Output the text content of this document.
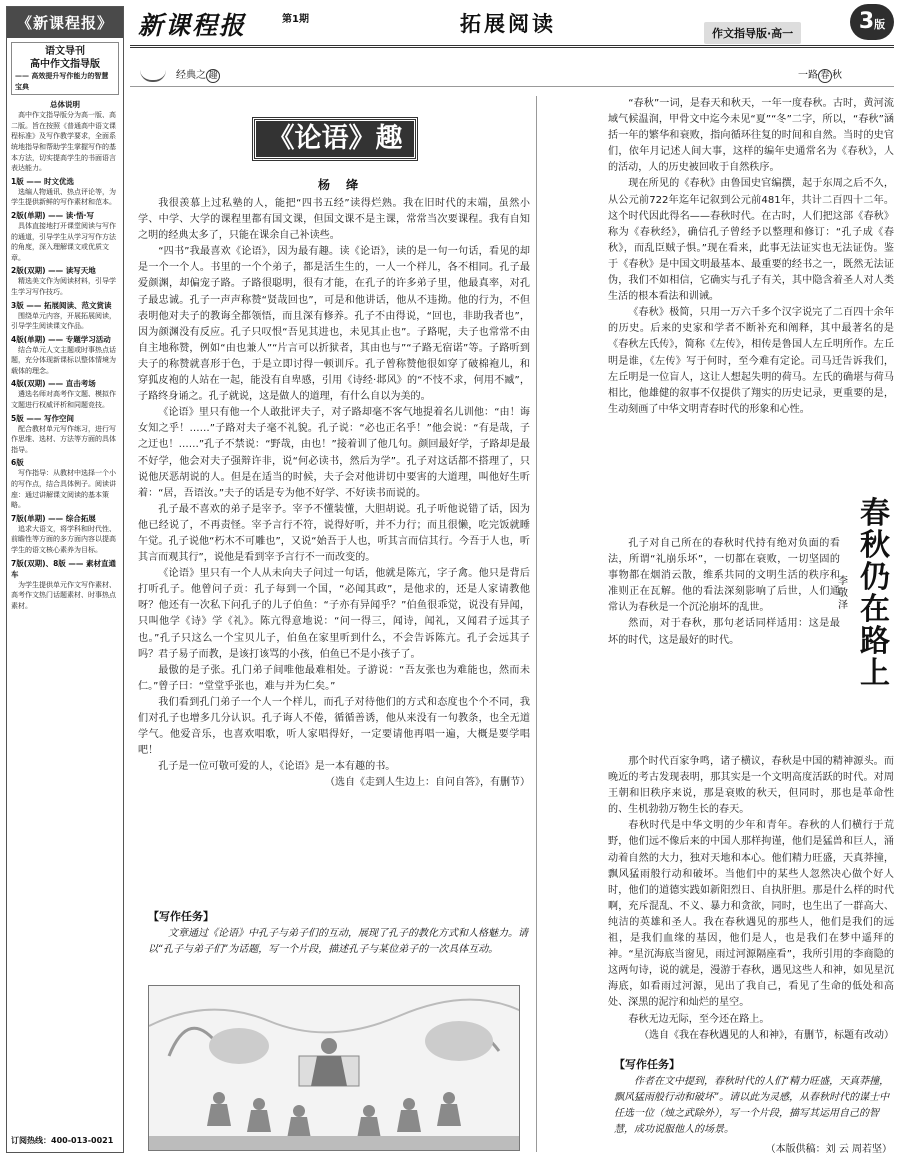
《新课程报》
语文导刊
高中作文指导版
—— 高效提升写作能力的智慧宝典
总体说明
高中作文指导版分为高一版、高二版。旨在按照《普通高中语文课程标准》及写作教学要求，全面系统地指导和帮助学生掌握写作的基本方法，切实提高学生的书面语言表达能力。
1版 —— 时文优选
选编人物通讯、热点评论等，为学生提供新鲜的写作素材和范本。
2版(单期) —— 读·悟·写
具体直接地打开课堂阅读与写作的通道，引导学生从学习写作方法的角度，深入理解课文或优质文章。
2版(双期) —— 读写天地
精选美文作为阅读材料，引导学生学习写作技巧。
3版 —— 拓展阅读、范文赏读
围绕单元内容，开展拓展阅读，引导学生阅读课文作品。
4版(单期) —— 专题学习活动
结合单元人文主题或时事热点话题，充分体现新课标以整体情境为载体的理念。
4版(双期) —— 直击考场
遴选名师对高考作文题、模拟作文题进行权威评析和同题竞技。
5版 —— 写作空间
配合教材单元写作练习，进行写作思维、选材、方法等方面的具体指导。
6版
写作指导：从教材中选择一个小的写作点，结合具体例子。阅读讲座：通过讲解课文阅读的基本策略。
7版(单期) —— 综合拓展
追求大语文，将学科和时代性、前瞻性等方面的多方面内容以提高学生的语文核心素养为目标。
7版(双期)、8版 —— 素材直通车
为学生提供单元作文写作素材、高考作文热门话题素材、时事热点素材。
订阅热线：400-013-0021
新课程报	第1期	拓展阅读	作文指导版·高一	3版
经典之 趣	一路 春 秋
《论语》趣
杨 绛

我很羡慕上过私塾的人，能把“四书五经”读得烂熟。我在旧时代的末端，虽然小学、中学、大学的课程里都有国文课，但国文课不是主课，常常当次要课程。我有自知之明的经典太多了，只能在课余自己补读些。

“四书”我最喜欢《论语》，因为最有趣。读《论语》，读的是一句一句话，看见的却是一个一个人。书里的一个个弟子，都是活生生的，一人一个样儿，各不相同。孔子最爱颜渊，却偏宠子路。子路很聪明，很有才能，在孔子的许多弟子里，他最真率，对孔子最忠诚。孔子一声声称赞“贤哉回也”，可是和他讲话，他从不违拗。他的行为，不但表明他对夫子的教诲全都领悟，而且深有修养。孔子不由得说，“回也，非助我者也”，因为颜渊没有反应。孔子只叹恨“吾见其进也，未见其止也”。子路呢，夫子也常常不由自主地称赞，例如“由也兼人”“片言可以折狱者，其由也与”“子路无宿诺”等。子路听到夫子的称赞就喜形于色，于是立即讨得一顿训斥。孔子曾称赞他很如穿了破棉袍儿，和穿狐皮袍的人站在一起，能没有自卑感，引用《诗经·邶风》的“不忮不求，何用不臧”，子路终身诵之。孔子就说，这是做人的道理，有什么自以为美的。

《论语》里只有他一个人敢批评夫子，对子路却毫不客气地提着名儿训他：“由！诲女知之乎！……”子路对夫子毫不礼貌。孔子说：“必也正名乎！”他会说：“有是哉，子之迂也！……”孔子不禁说：“野哉，由也！”接着训了他几句。颜回最好学，子路却是最不好学，他会对夫子强辩许非，说“何必读书，然后为学”。孔子对这话都不搭理了，只说他厌恶胡说的人。但是在适当的时候，夫子会对他讲切中要害的大道理，叫他好生听着：“居，吾语汝。”夫子的话是专为他不好学、不好读书而说的。

孔子最不喜欢的弟子是宰予。宰予不懂装懂，大胆胡说。孔子听他说错了话，因为他已经说了，不再责怪。宰予言行不符，说得好听，并不力行；而且很懒，吃完饭就睡午觉。孔子说他“朽木不可雕也”，又说“始吾于人也，听其言而信其行。今吾于人也，听其言而观其行”，说他是看到宰予言行不一而改变的。

《论语》里只有一个人从未向夫子问过一句话，他就是陈亢，字子禽。他只是背后打听孔子。他曾问子贡：孔子每到一个国，“必闻其政”，是他求的，还是人家请教他呀？他还有一次私下问孔子的儿子伯鱼：“子亦有异闻乎？”伯鱼很乖觉，说没有异闻，只叫他学《诗》学《礼》。陈亢得意地说：“问一得三，闻诗，闻礼，又闻君子远其子也。”孔子只这么一个宝贝儿子，伯鱼在家里听到什么，不会告诉陈亢。孔子会远其子吗？君子易子而教，是该打该骂的小孩，伯鱼已不是小孩子了。

最傲的是子张。孔门弟子间唯他最难相处。子游说：“吾友张也为难能也，然而未仁。”曾子曰：“堂堂乎张也，难与并为仁矣。”

我们看到孔门弟子一个人一个样儿，而孔子对待他们的方式和态度也个个不同，我们对孔子也增多几分认识。孔子诲人不倦，循循善诱，他从来没有一句教条，也全无道学气。他爱音乐，也喜欢唱歌，听人家唱得好，一定要请他再唱一遍，大概是要学唱吧！

孔子是一位可敬可爱的人，《论语》是一本有趣的书。

（选自《走到人生边上：自问自答》，有删节）

【写作任务】
文章通过《论语》中孔子与弟子们的互动，展现了孔子的教化方式和人格魅力。请以“孔子与弟子们”为话题，写一个片段，描述孔子与某位弟子的一次具体互动。

“春秋”一词，是春天和秋天，一年一度春秋。古时，黄河流域气候温润，甲骨文中迄今未见“夏”“冬”二字，所以，“春秋”涵括一年的繁华和衰败，指向循环往复的时间和自然。当时的史官们，依年月记述人间大事，这样的编年史通常名为《春秋》，人的活动，人的历史被回收于自然秩序。

现在所见的《春秋》由鲁国史官编撰，起于东周之后不久，从公元前722年迄年记叙到公元前481年，共计二百四十二年。这个时代因此得名——春秋时代。在古时，人们把这部《春秋》称为《春秋经》，确信孔子曾经予以整理和修订：“孔子成《春秋》，而乱臣贼子惧。”现在看来，此事无法证实也无法证伪。鉴于《春秋》是中国文明最基本、最重要的经书之一，既然无法证伪，我们不如相信，它确实与孔子有关，其中隐含着圣人对人类生活的根本看法和训诫。

《春秋》极简，只用一万六千多个汉字说完了二百四十余年的历史。后来的史家和学者不断补充和阐释，其中最著名的是《春秋左氏传》，简称《左传》，相传是鲁国人左丘明所作。左丘明是谁，《左传》写于何时，至今难有定论。司马迁告诉我们，左丘明是一位盲人，这让人想起失明的荷马。左氏的确堪与荷马相比，他雄健的叙事不仅提供了翔实的历史记录，更重要的是，生动刻画了中华文明青春时代的形象和心性。

孔子对自己所在的春秋时代持有绝对负面的看法，所谓“礼崩乐坏”，一切都在衰败，一切坚固的事物都在烟消云散，维系共同的文明生活的秩序和准则正在瓦解。他的看法深刻影响了后世，人们通常认为春秋是一个沉沦崩坏的乱世。

然而，对于春秋，那句老话同样适用：这是最坏的时代，这是最好的时代。

春秋仍在路上
李敬泽

那个时代百家争鸣，诸子横议，春秋是中国的精神源头。而晚近的考古发现表明，那其实是一个文明高度活跃的时代。对周王朝和旧秩序来说，那是衰败的秋天，但同时，那也是革命性的、生机勃勃万物生长的春天。

春秋时代是中华文明的少年和青年。春秋的人们横行于荒野，他们远不像后来的中国人那样拘谨，他们是猛兽和巨人，涌动着自然的大力，独对天地和本心。他们精力旺盛，天真莽撞，飘风猛雨般行动和破坏。当他们中的某些人忽然决心做个好人时，他们的道德实践如新阳烈日、自执肝胆。那是什么样的时代啊，充斥混乱、不义、暴力和贪欲，同时，也生出了一群高大、纯洁的英雄和圣人。我在春秋遇见的那些人，他们是我们的远祖，是我们血缘的基因，他们是人，也是我们在梦中遥拜的神。“星沉海底当窗见，雨过河源隔座看”，我所引用的李商隐的这两句诗，说的就是，漫游于春秋，遇见这些人和神，如见星沉海底，如看雨过河源，见出了我自己，看见了生命的低处和高处、深黑的泥泞和灿烂的星空。

春秋无边无际，至今还在路上。

（选自《我在春秋遇见的人和神》，有删节，标题有改动）

【写作任务】
作者在文中提到，春秋时代的人们“精力旺盛，天真莽撞，飘风猛雨般行动和破坏”。请以此为灵感，从春秋时代的谋士中任选一位（烛之武除外），写一个片段，描写其运用自己的智慧，成功说服他人的场景。
（本版供稿：刘 云 周若坚）
